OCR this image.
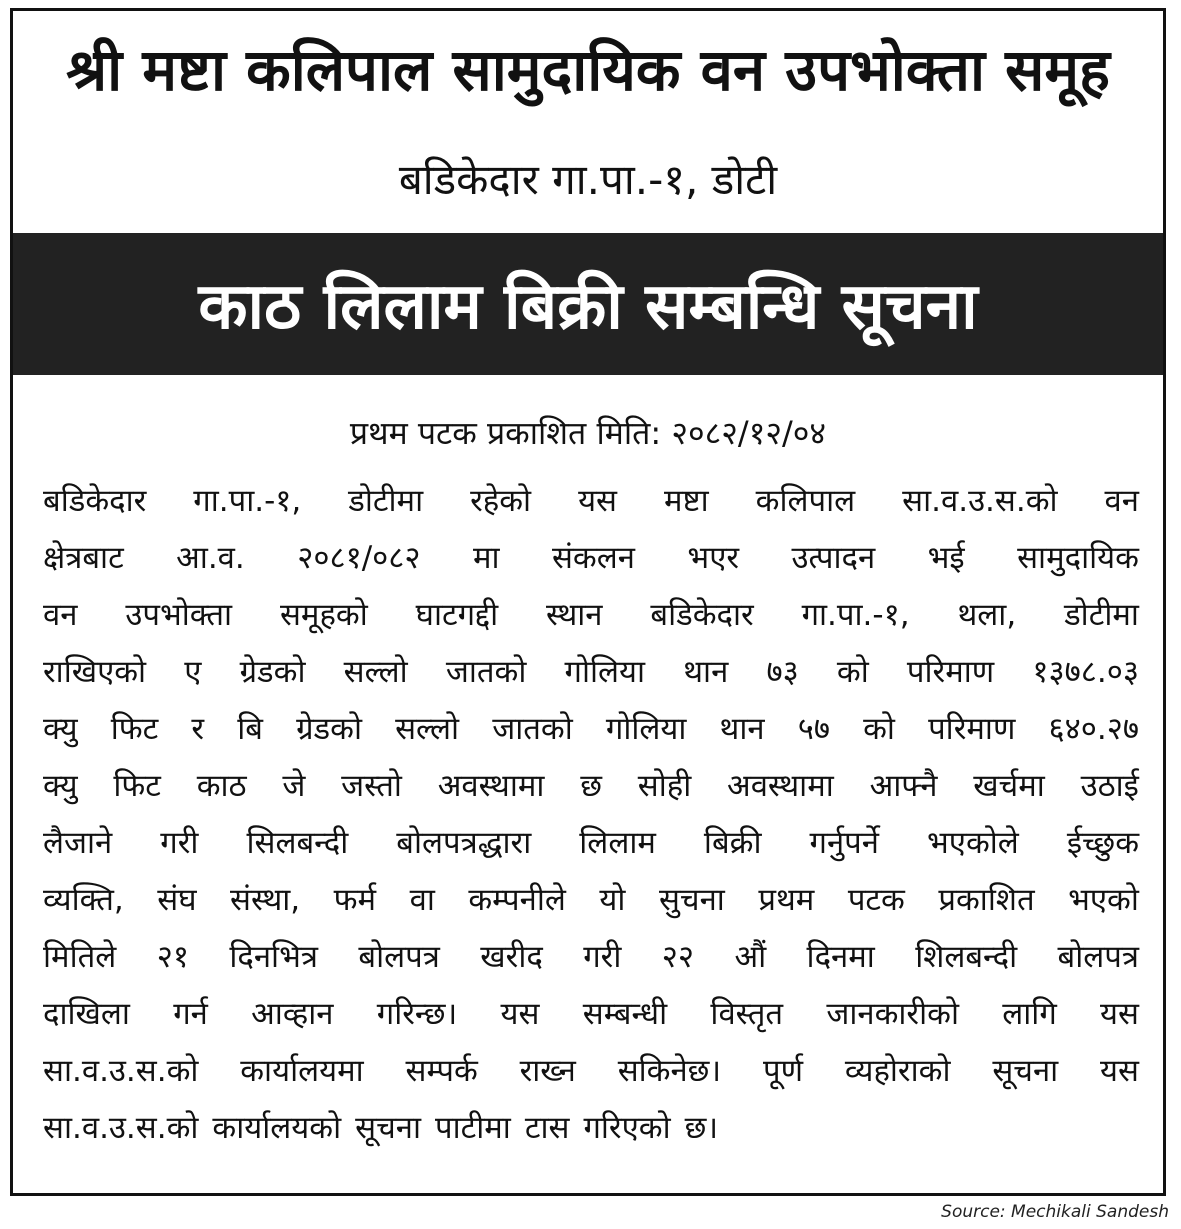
श्री मष्टा कलिपाल सामुदायिक वन उपभोक्ता समूह
बडिकेदार गा.पा.-१, डोटी
काठ लिलाम बिक्री सम्बन्धि सूचना
प्रथम पटक प्रकाशित मिति: २०८२/१२/०४
बडिकेदार गा.पा.-१, डोटीमा रहेको यस मष्टा कलिपाल सा.व.उ.स.को वन
क्षेत्रबाट आ.व. २०८१/०८२ मा संकलन भएर उत्पादन भई सामुदायिक
वन उपभोक्ता समूहको घाटगद्दी स्थान बडिकेदार गा.पा.-१, थला, डोटीमा
राखिएको ए ग्रेडको सल्लो जातको गोलिया थान ७३ को परिमाण १३७८.०३
क्यु फिट र बि ग्रेडको सल्लो जातको गोलिया थान ५७ को परिमाण ६४०.२७
क्यु फिट काठ जे जस्तो अवस्थामा छ सोही अवस्थामा आफ्नै खर्चमा उठाई
लैजाने गरी सिलबन्दी बोलपत्रद्धारा लिलाम बिक्री गर्नुपर्ने भएकोले ईच्छुक
व्यक्ति, संघ संस्था, फर्म वा कम्पनीले यो सुचना प्रथम पटक प्रकाशित भएको
मितिले २१ दिनभित्र बोलपत्र खरीद गरी २२ औं दिनमा शिलबन्दी बोलपत्र
दाखिला गर्न आव्हान गरिन्छ। यस सम्बन्धी विस्तृत जानकारीको लागि यस
सा.व.उ.स.को कार्यालयमा सम्पर्क राख्न सकिनेछ। पूर्ण व्यहोराको सूचना यस
सा.व.उ.स.को कार्यालयको सूचना पाटीमा टास गरिएको छ।
Source: Mechikali Sandesh
